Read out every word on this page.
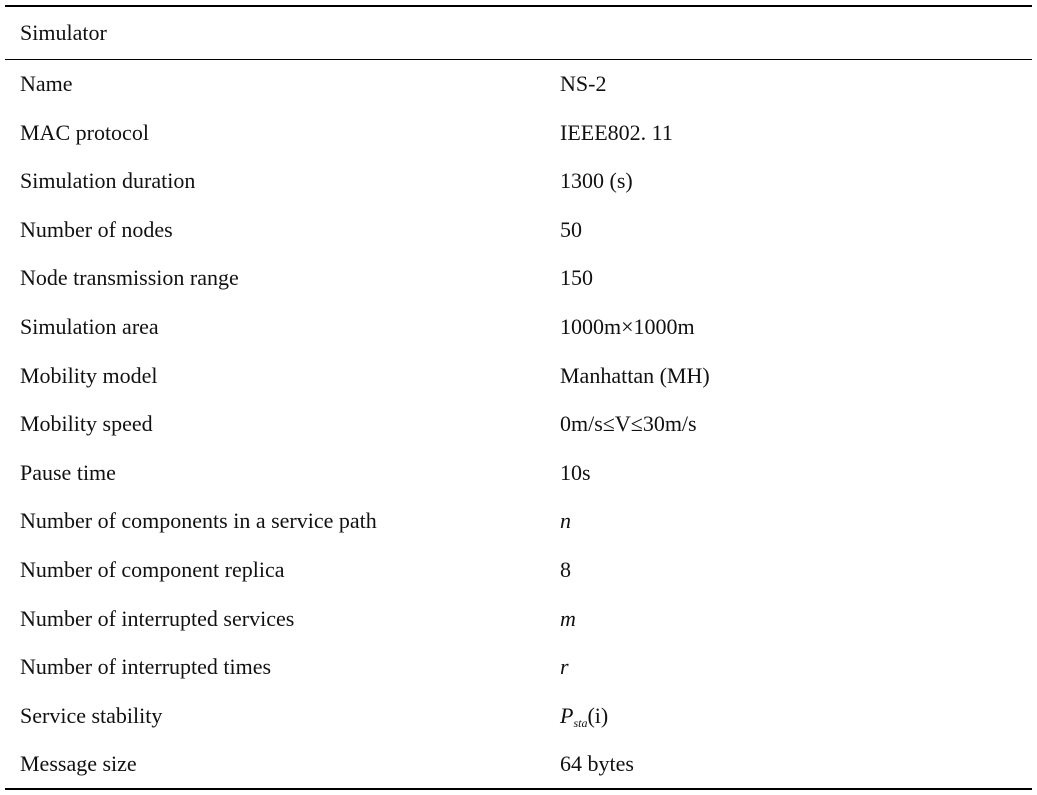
Simulator
Name	NS-2
MAC protocol	IEEE802. 11
Simulation duration	1300 (s)
Number of nodes	50
Node transmission range	150
Simulation area	1000m×1000m
Mobility model	Manhattan (MH)
Mobility speed	0m/s≤V≤30m/s
Pause time	10s
Number of components in a service path	n
Number of component replica	8
Number of interrupted services	m
Number of interrupted times	r
Service stability	$P_{sta}(i)$
Message size	64 bytes
